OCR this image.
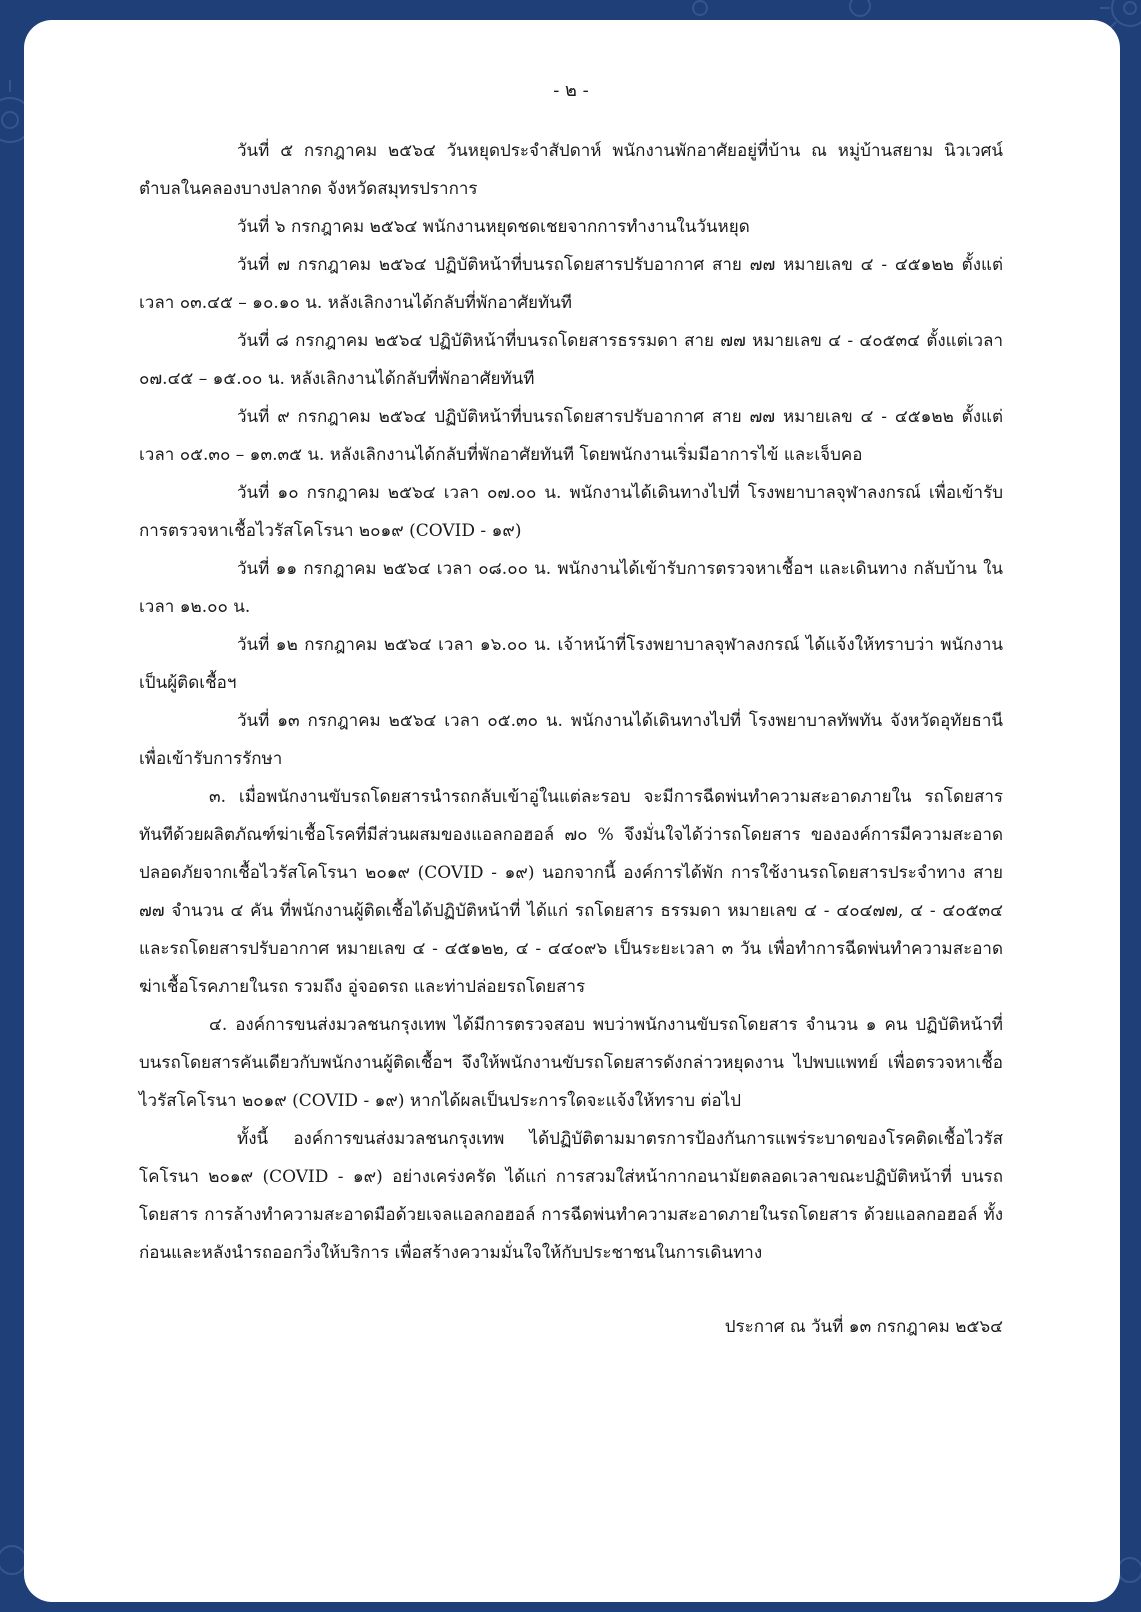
- ๒ -

วันที่ ๕ กรกฎาคม ๒๕๖๔ วันหยุดประจำสัปดาห์ พนักงานพักอาศัยอยู่ที่บ้าน ณ หมู่บ้านสยาม นิวเวศน์ ตำบลในคลองบางปลากด จังหวัดสมุทรปราการ

วันที่ ๖ กรกฎาคม ๒๕๖๔ พนักงานหยุดชดเชยจากการทำงานในวันหยุด

วันที่ ๗ กรกฎาคม ๒๕๖๔ ปฏิบัติหน้าที่บนรถโดยสารปรับอากาศ สาย ๗๗ หมายเลข ๔ - ๔๕๑๒๒ ตั้งแต่เวลา ๐๓.๔๕ – ๑๐.๑๐ น. หลังเลิกงานได้กลับที่พักอาศัยทันที

วันที่ ๘ กรกฎาคม ๒๕๖๔ ปฏิบัติหน้าที่บนรถโดยสารธรรมดา สาย ๗๗ หมายเลข ๔ - ๔๐๕๓๔ ตั้งแต่เวลา ๐๗.๔๕ – ๑๕.๐๐ น. หลังเลิกงานได้กลับที่พักอาศัยทันที

วันที่ ๙ กรกฎาคม ๒๕๖๔ ปฏิบัติหน้าที่บนรถโดยสารปรับอากาศ สาย ๗๗ หมายเลข ๔ - ๔๕๑๒๒ ตั้งแต่เวลา ๐๕.๓๐ – ๑๓.๓๕ น. หลังเลิกงานได้กลับที่พักอาศัยทันที โดยพนักงานเริ่มมีอาการไข้ และเจ็บคอ

วันที่ ๑๐ กรกฎาคม ๒๕๖๔ เวลา ๐๗.๐๐ น. พนักงานได้เดินทางไปที่ โรงพยาบาลจุฬาลงกรณ์ เพื่อเข้ารับการตรวจหาเชื้อไวรัสโคโรนา ๒๐๑๙ (COVID - ๑๙)

วันที่ ๑๑ กรกฎาคม ๒๕๖๔ เวลา ๐๘.๐๐ น. พนักงานได้เข้ารับการตรวจหาเชื้อฯ และเดินทาง กลับบ้าน ในเวลา ๑๒.๐๐ น.

วันที่ ๑๒ กรกฎาคม ๒๕๖๔ เวลา ๑๖.๐๐ น. เจ้าหน้าที่โรงพยาบาลจุฬาลงกรณ์ ได้แจ้งให้ทราบว่า พนักงานเป็นผู้ติดเชื้อฯ

วันที่ ๑๓ กรกฎาคม ๒๕๖๔ เวลา ๐๕.๓๐ น. พนักงานได้เดินทางไปที่ โรงพยาบาลทัพทัน จังหวัดอุทัยธานี เพื่อเข้ารับการรักษา

๓. เมื่อพนักงานขับรถโดยสารนำรถกลับเข้าอู่ในแต่ละรอบ จะมีการฉีดพ่นทำความสะอาดภายใน รถโดยสารทันทีด้วยผลิตภัณฑ์ฆ่าเชื้อโรคที่มีส่วนผสมของแอลกอฮอล์ ๗๐ % จึงมั่นใจได้ว่ารถโดยสาร ขององค์การมีความสะอาด ปลอดภัยจากเชื้อไวรัสโคโรนา ๒๐๑๙ (COVID - ๑๙) นอกจากนี้ องค์การได้พัก การใช้งานรถโดยสารประจำทาง สาย ๗๗ จำนวน ๔ คัน ที่พนักงานผู้ติดเชื้อได้ปฏิบัติหน้าที่ ได้แก่ รถโดยสาร ธรรมดา หมายเลข ๔ - ๔๐๔๗๗, ๔ - ๔๐๕๓๔ และรถโดยสารปรับอากาศ หมายเลข ๔ - ๔๕๑๒๒, ๔ - ๔๔๐๙๖ เป็นระยะเวลา ๓ วัน เพื่อทำการฉีดพ่นทำความสะอาดฆ่าเชื้อโรคภายในรถ รวมถึง อู่จอดรถ และท่าปล่อยรถโดยสาร

๔. องค์การขนส่งมวลชนกรุงเทพ ได้มีการตรวจสอบ พบว่าพนักงานขับรถโดยสาร จำนวน ๑ คน ปฏิบัติหน้าที่บนรถโดยสารคันเดียวกับพนักงานผู้ติดเชื้อฯ จึงให้พนักงานขับรถโดยสารดังกล่าวหยุดงาน ไปพบแพทย์ เพื่อตรวจหาเชื้อไวรัสโคโรนา ๒๐๑๙ (COVID - ๑๙) หากได้ผลเป็นประการใดจะแจ้งให้ทราบ ต่อไป

ทั้งนี้ องค์การขนส่งมวลชนกรุงเทพ ได้ปฏิบัติตามมาตรการป้องกันการแพร่ระบาดของโรคติดเชื้อไวรัส โคโรนา ๒๐๑๙ (COVID - ๑๙) อย่างเคร่งครัด ได้แก่ การสวมใส่หน้ากากอนามัยตลอดเวลาขณะปฏิบัติหน้าที่ บนรถโดยสาร การล้างทำความสะอาดมือด้วยเจลแอลกอฮอล์ การฉีดพ่นทำความสะอาดภายในรถโดยสาร ด้วยแอลกอฮอล์ ทั้งก่อนและหลังนำรถออกวิ่งให้บริการ เพื่อสร้างความมั่นใจให้กับประชาชนในการเดินทาง

ประกาศ ณ วันที่ ๑๓ กรกฎาคม ๒๕๖๔
